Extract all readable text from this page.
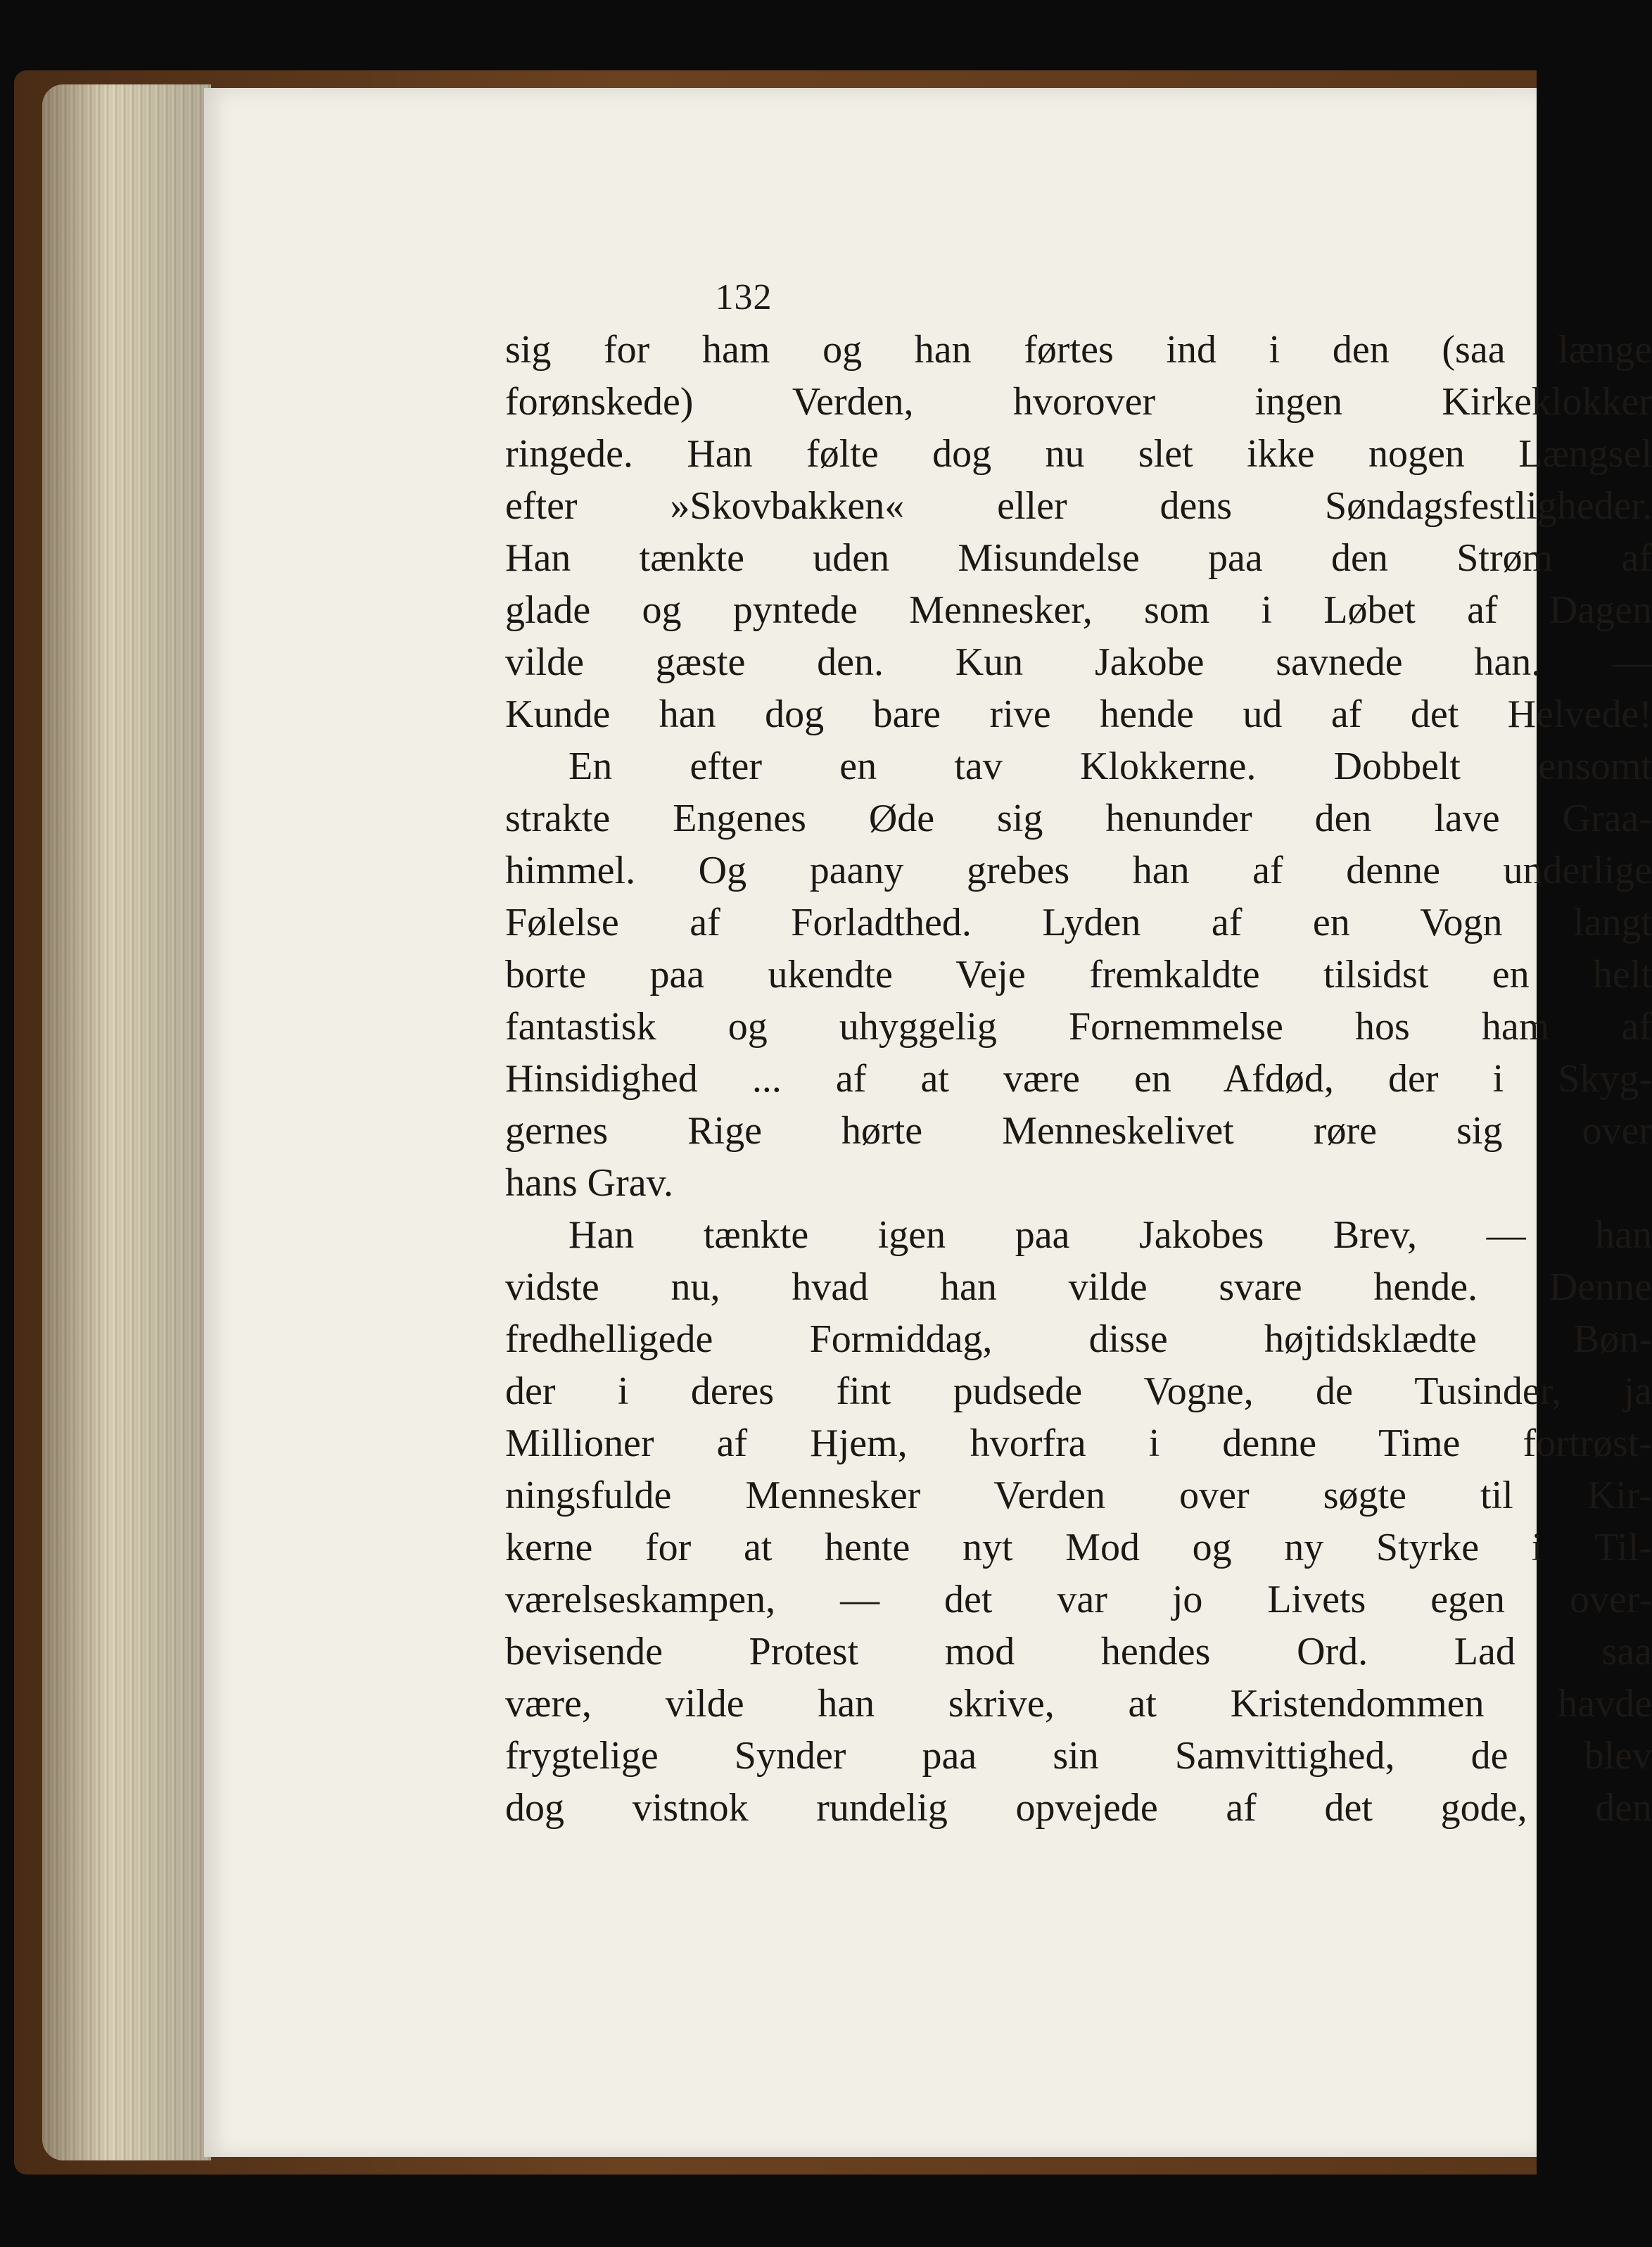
132
sig for ham og han førtes ind i den (saa længe
forønskede) Verden, hvorover ingen Kirkeklokker
ringede. Han følte dog nu slet ikke nogen Længsel
efter »Skovbakken« eller dens Søndagsfestligheder.
Han tænkte uden Misundelse paa den Strøm af
glade og pyntede Mennesker, som i Løbet af Dagen
vilde gæste den. Kun Jakobe savnede han. —
Kunde han dog bare rive hende ud af det Helvede!
En efter en tav Klokkerne. Dobbelt ensomt
strakte Engenes Øde sig henunder den lave Graa-
himmel. Og paany grebes han af denne underlige
Følelse af Forladthed. Lyden af en Vogn langt
borte paa ukendte Veje fremkaldte tilsidst en helt
fantastisk og uhyggelig Fornemmelse hos ham af
Hinsidighed ... af at være en Afdød, der i Skyg-
gernes Rige hørte Menneskelivet røre sig over
hans Grav.
Han tænkte igen paa Jakobes Brev, — han
vidste nu, hvad han vilde svare hende. Denne
fredhelligede Formiddag, disse højtidsklædte Bøn-
der i deres fint pudsede Vogne, de Tusinder, ja
Millioner af Hjem, hvorfra i denne Time fortrøst-
ningsfulde Mennesker Verden over søgte til Kir-
kerne for at hente nyt Mod og ny Styrke i Til-
værelseskampen, — det var jo Livets egen over-
bevisende Protest mod hendes Ord. Lad saa
være, vilde han skrive, at Kristendommen havde
frygtelige Synder paa sin Samvittighed, de blev
dog vistnok rundelig opvejede af det gode, den
